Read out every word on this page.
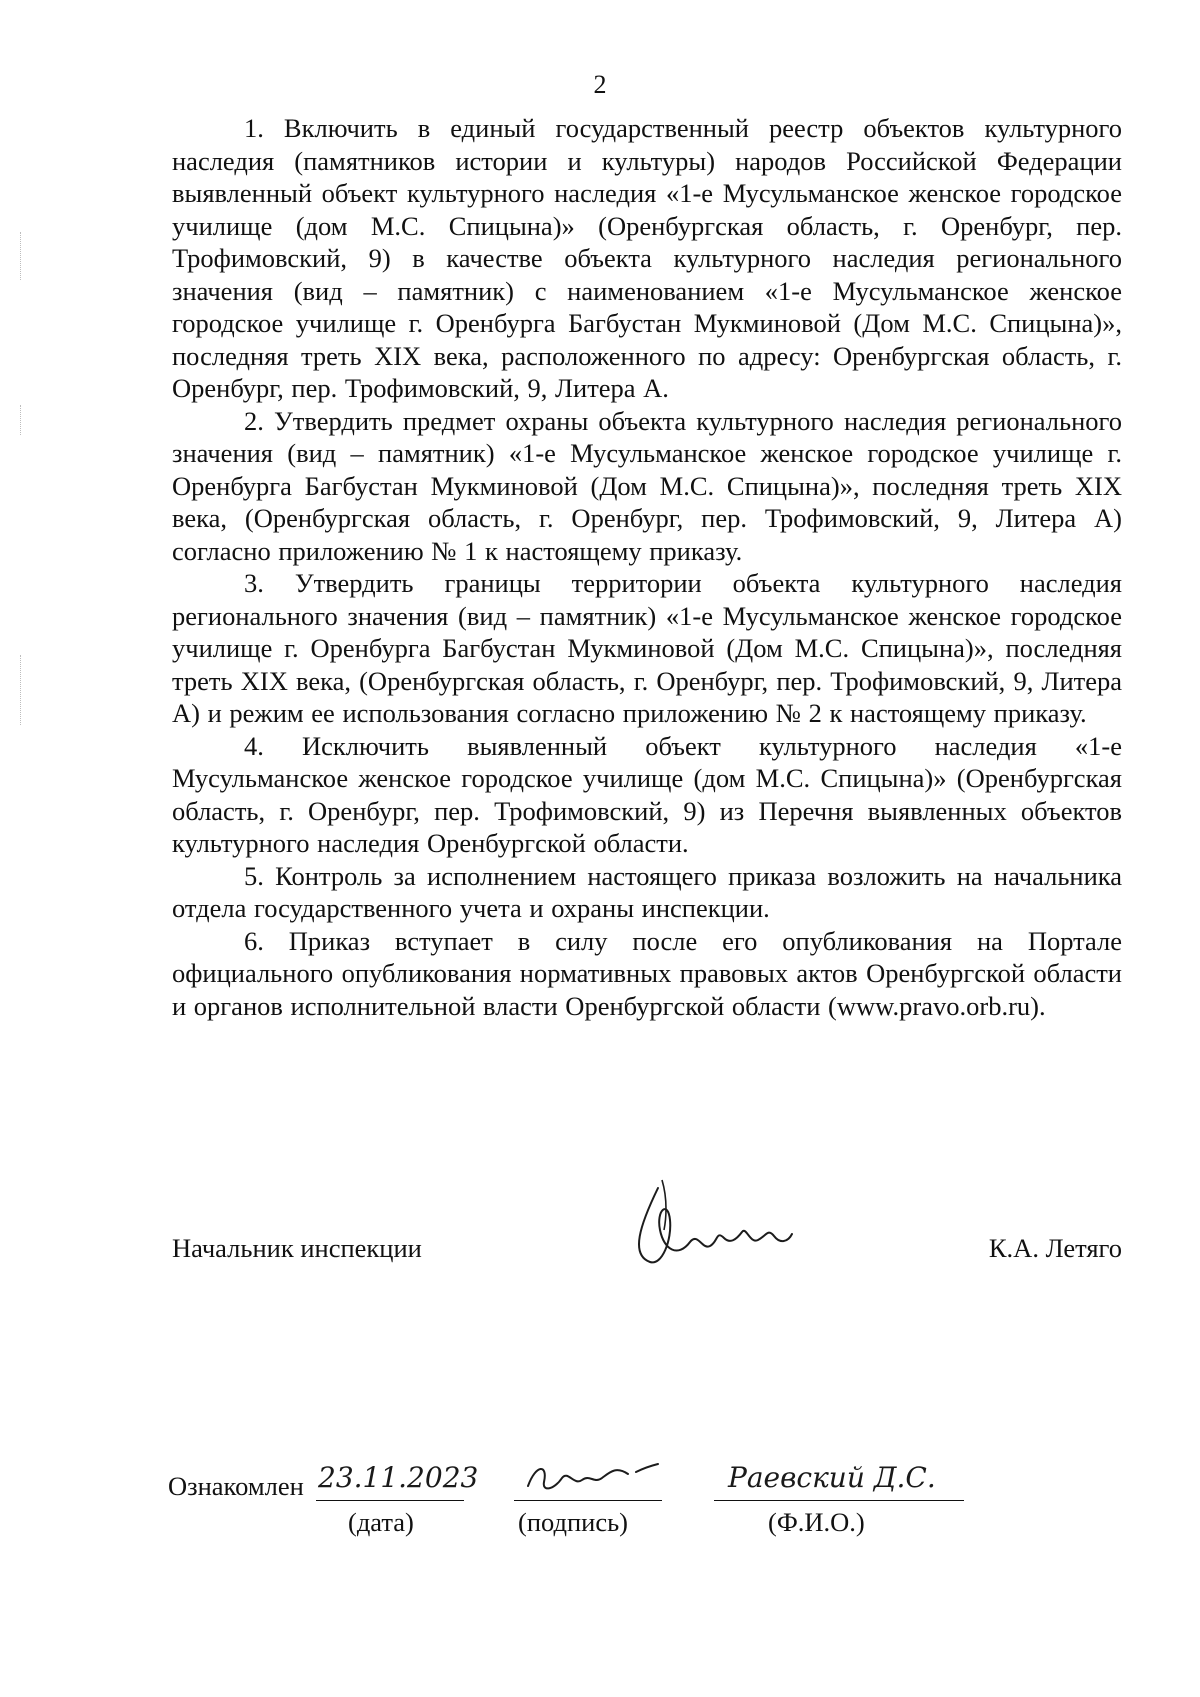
2

1. Включить в единый государственный реестр объектов культурного наследия (памятников истории и культуры) народов Российской Федерации выявленный объект культурного наследия «1-е Мусульманское женское городское училище (дом М.С. Спицына)» (Оренбургская область, г. Оренбург, пер. Трофимовский, 9) в качестве объекта культурного наследия регионального значения (вид – памятник) с наименованием «1-е Мусульманское женское городское училище г. Оренбурга Багбустан Мукминовой (Дом М.С. Спицына)», последняя треть XIX века, расположенного по адресу: Оренбургская область, г. Оренбург, пер. Трофимовский, 9, Литера А.

2. Утвердить предмет охраны объекта культурного наследия регионального значения (вид – памятник) «1-е Мусульманское женское городское училище г. Оренбурга Багбустан Мукминовой (Дом М.С. Спицына)», последняя треть XIX века, (Оренбургская область, г. Оренбург, пер. Трофимовский, 9, Литера А) согласно приложению № 1 к настоящему приказу.

3. Утвердить границы территории объекта культурного наследия регионального значения (вид – памятник) «1-е Мусульманское женское городское училище г. Оренбурга Багбустан Мукминовой (Дом М.С. Спицына)», последняя треть XIX века, (Оренбургская область, г. Оренбург, пер. Трофимовский, 9, Литера А) и режим ее использования согласно приложению № 2 к настоящему приказу.

4. Исключить выявленный объект культурного наследия «1-е Мусульманское женское городское училище (дом М.С. Спицына)» (Оренбургская область, г. Оренбург, пер. Трофимовский, 9) из Перечня выявленных объектов культурного наследия Оренбургской области.

5. Контроль за исполнением настоящего приказа возложить на начальника отдела государственного учета и охраны инспекции.

6. Приказ вступает в силу после его опубликования на Портале официального опубликования нормативных правовых актов Оренбургской области и органов исполнительной власти Оренбургской области (www.pravo.orb.ru).

Начальник инспекции	К.А. Летяго
Ознакомлен 23.11.2023
(дата)	(подпись)
Раевский Д.С.
(Ф.И.О.)
